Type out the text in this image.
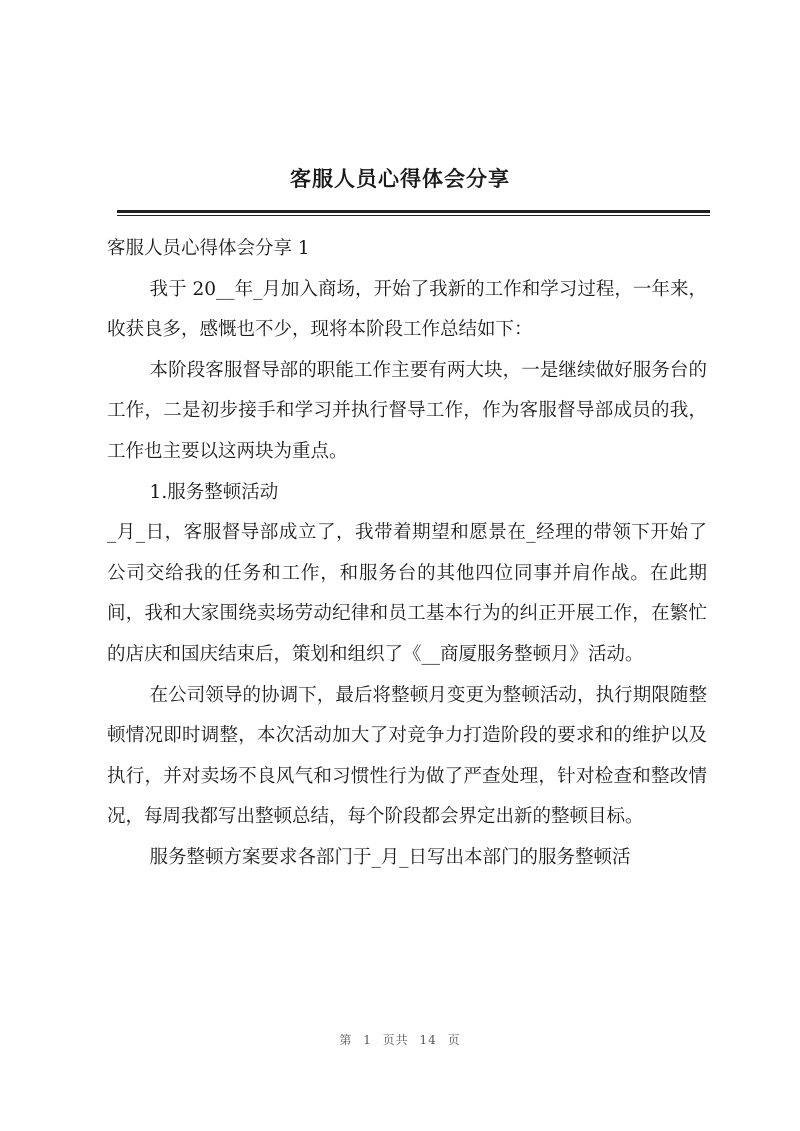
客服人员心得体会分享

客服人员心得体会分享 1

我于 20__年_月加入商场，开始了我新的工作和学习过程，一年来，收获良多，感慨也不少，现将本阶段工作总结如下：

本阶段客服督导部的职能工作主要有两大块，一是继续做好服务台的工作，二是初步接手和学习并执行督导工作，作为客服督导部成员的我，工作也主要以这两块为重点。

1.服务整顿活动

_月_日，客服督导部成立了，我带着期望和愿景在_经理的带领下开始了公司交给我的任务和工作，和服务台的其他四位同事并肩作战。在此期间，我和大家围绕卖场劳动纪律和员工基本行为的纠正开展工作，在繁忙的店庆和国庆结束后，策划和组织了《__商厦服务整顿月》活动。

在公司领导的协调下，最后将整顿月变更为整顿活动，执行期限随整顿情况即时调整，本次活动加大了对竞争力打造阶段的要求和的维护以及执行，并对卖场不良风气和习惯性行为做了严查处理，针对检查和整改情况，每周我都写出整顿总结，每个阶段都会界定出新的整顿目标。

服务整顿方案要求各部门于_月_日写出本部门的服务整顿活

第 1 页共 14 页
